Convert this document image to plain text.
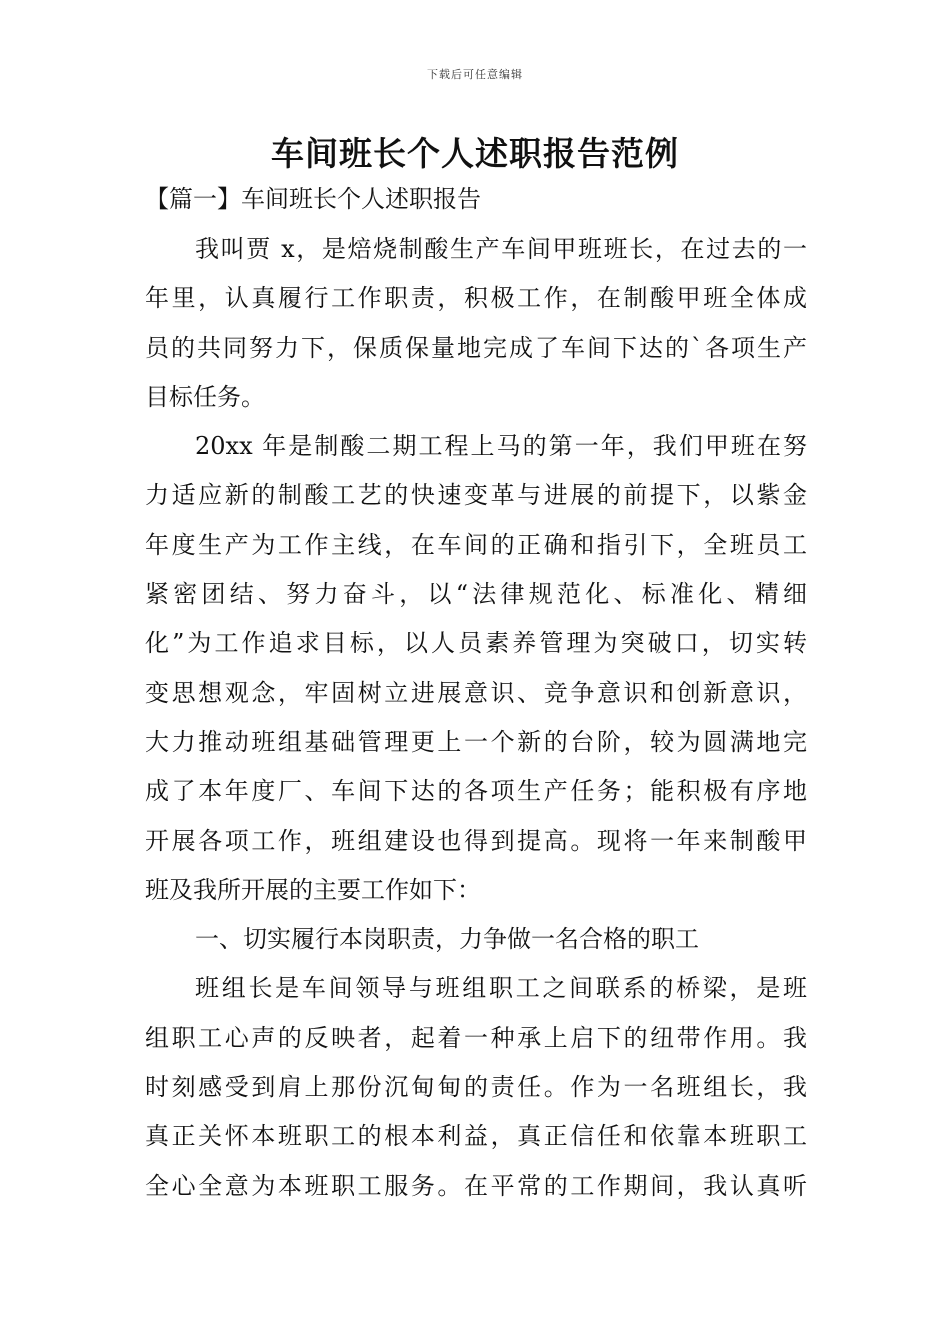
下载后可任意编辑
车间班长个人述职报告范例
【篇一】车间班长个人述职报告
我叫贾 x，是焙烧制酸生产车间甲班班长，在过去的一
年里，认真履行工作职责，积极工作，在制酸甲班全体成
员的共同努力下，保质保量地完成了车间下达的`各项生产
目标任务。
20xx 年是制酸二期工程上马的第一年，我们甲班在努
力适应新的制酸工艺的快速变革与进展的前提下，以紫金
年度生产为工作主线，在车间的正确和指引下，全班员工
紧密团结、努力奋斗，以“法律规范化、标准化、精细
化”为工作追求目标，以人员素养管理为突破口，切实转
变思想观念，牢固树立进展意识、竞争意识和创新意识，
大力推动班组基础管理更上一个新的台阶，较为圆满地完
成了本年度厂、车间下达的各项生产任务；能积极有序地
开展各项工作，班组建设也得到提高。现将一年来制酸甲
班及我所开展的主要工作如下：
一、切实履行本岗职责，力争做一名合格的职工
班组长是车间领导与班组职工之间联系的桥梁，是班
组职工心声的反映者，起着一种承上启下的纽带作用。我
时刻感受到肩上那份沉甸甸的责任。作为一名班组长，我
真正关怀本班职工的根本利益，真正信任和依靠本班职工
全心全意为本班职工服务。在平常的工作期间，我认真听
